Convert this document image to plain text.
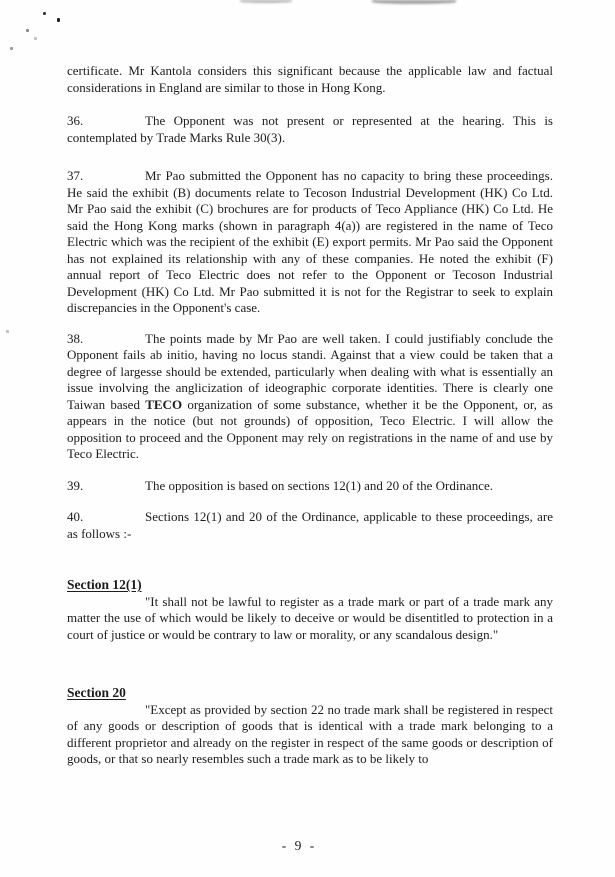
certificate. Mr Kantola considers this significant because the applicable law and factual considerations in England are similar to those in Hong Kong.

36.	The Opponent was not present or represented at the hearing. This is contemplated by Trade Marks Rule 30(3).

37.	Mr Pao submitted the Opponent has no capacity to bring these proceedings. He said the exhibit (B) documents relate to Tecoson Industrial Development (HK) Co Ltd. Mr Pao said the exhibit (C) brochures are for products of Teco Appliance (HK) Co Ltd. He said the Hong Kong marks (shown in paragraph 4(a)) are registered in the name of Teco Electric which was the recipient of the exhibit (E) export permits. Mr Pao said the Opponent has not explained its relationship with any of these companies. He noted the exhibit (F) annual report of Teco Electric does not refer to the Opponent or Tecoson Industrial Development (HK) Co Ltd. Mr Pao submitted it is not for the Registrar to seek to explain discrepancies in the Opponent's case.

38.	The points made by Mr Pao are well taken. I could justifiably conclude the Opponent fails ab initio, having no locus standi. Against that a view could be taken that a degree of largesse should be extended, particularly when dealing with what is essentially an issue involving the anglicization of ideographic corporate identities. There is clearly one Taiwan based TECO organization of some substance, whether it be the Opponent, or, as appears in the notice (but not grounds) of opposition, Teco Electric. I will allow the opposition to proceed and the Opponent may rely on registrations in the name of and use by Teco Electric.

39.	The opposition is based on sections 12(1) and 20 of the Ordinance.

40.	Sections 12(1) and 20 of the Ordinance, applicable to these proceedings, are as follows :-

Section 12(1)

"It shall not be lawful to register as a trade mark or part of a trade mark any matter the use of which would be likely to deceive or would be disentitled to protection in a court of justice or would be contrary to law or morality, or any scandalous design."

Section 20

"Except as provided by section 22 no trade mark shall be registered in respect of any goods or description of goods that is identical with a trade mark belonging to a different proprietor and already on the register in respect of the same goods or description of goods, or that so nearly resembles such a trade mark as to be likely to

- 9 -
